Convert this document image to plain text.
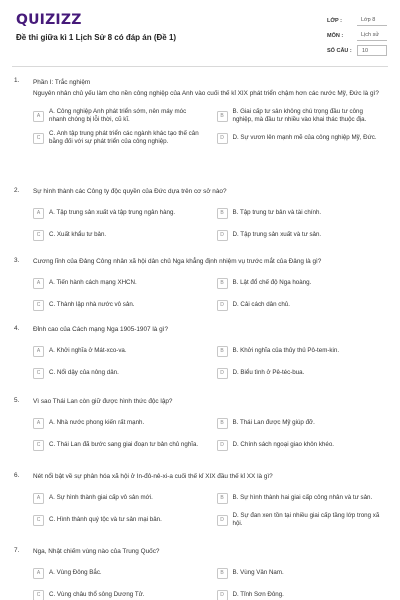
QUIZIZZ
Đề thi giữa kì 1 Lịch Sử 8 có đáp án (Đề 1)
LỚP :	Lớp 8
MÔN :	Lịch sử
SỐ CÂU :	10
1. Phần I: Trắc nghiệm
Nguyên nhân chủ yếu làm cho nền công nghiệp của Anh vào cuối thế kỉ XIX phát triển chậm hơn các nước Mỹ, Đức là gì?
A
A. Công nghiệp Anh phát triển sớm, nên máy móc nhanh chóng bị lỗi thời, cũ kĩ.	B
B. Giai cấp tư sản không chú trọng đầu tư công nghiệp, mà đầu tư nhiều vào khai thác thuộc địa.
C
C. Anh tập trung phát triển các ngành khác tạo thế cân bằng đối với sự phát triển của công nghiệp.	D	D. Sự vươn lên mạnh mẽ của công nghiệp Mỹ, Đức.
2. Sự hình thành các Công ty độc quyền của Đức dựa trên cơ sở nào?
A	A. Tập trung sản xuất và tập trung ngân hàng.	B	B. Tập trung tư bản và tài chính.
C	C. Xuất khẩu tư bản.	D	D. Tập trung sản xuất và tư sản.
3. Cương lĩnh của Đảng Công nhân xã hội dân chủ Nga khẳng định nhiệm vụ trước mắt của Đảng là gì?
A	A. Tiến hành cách mạng XHCN.	B	B. Lật đổ chế độ Nga hoàng.
C	C. Thành lập nhà nước vô sản.	D	D. Cải cách dân chủ.
4. Đỉnh cao của Cách mạng Nga 1905-1907 là gì?
A	A. Khởi nghĩa ở Mát-xco-va.	B	B. Khởi nghĩa của thủy thủ Pô-tem-kin.
C	C. Nổi dậy của nông dân.	D	D. Biểu tình ở Pê-téc-bua.
5. Vì sao Thái Lan còn giữ được hình thức độc lập?
A	A. Nhà nước phong kiến rất mạnh.	B	B. Thái Lan được Mỹ giúp đỡ.
C	C. Thái Lan đã bước sang giai đoạn tư bản chủ nghĩa.	D	D. Chính sách ngoại giao khôn khéo.
6. Nét nổi bật về sự phân hóa xã hội ở In-đô-nê-xi-a cuối thế kỉ XIX đầu thế kỉ XX là gì?
A	A. Sự hình thành giai cấp vô sản mới.	B	B. Sự hình thành hai giai cấp công nhân và tư sản.
C	C. Hình thành quý tộc và tư sản mại bản.	D
D. Sự đan xen tồn tại nhiều giai cấp tầng lớp trong xã hội.
7. Nga, Nhật chiếm vùng nào của Trung Quốc?
A	A. Vùng Đông Bắc.	B	B. Vùng Vân Nam.
C	C. Vùng châu thổ sông Dương Tử.	D	D. Tỉnh Sơn Đông.
